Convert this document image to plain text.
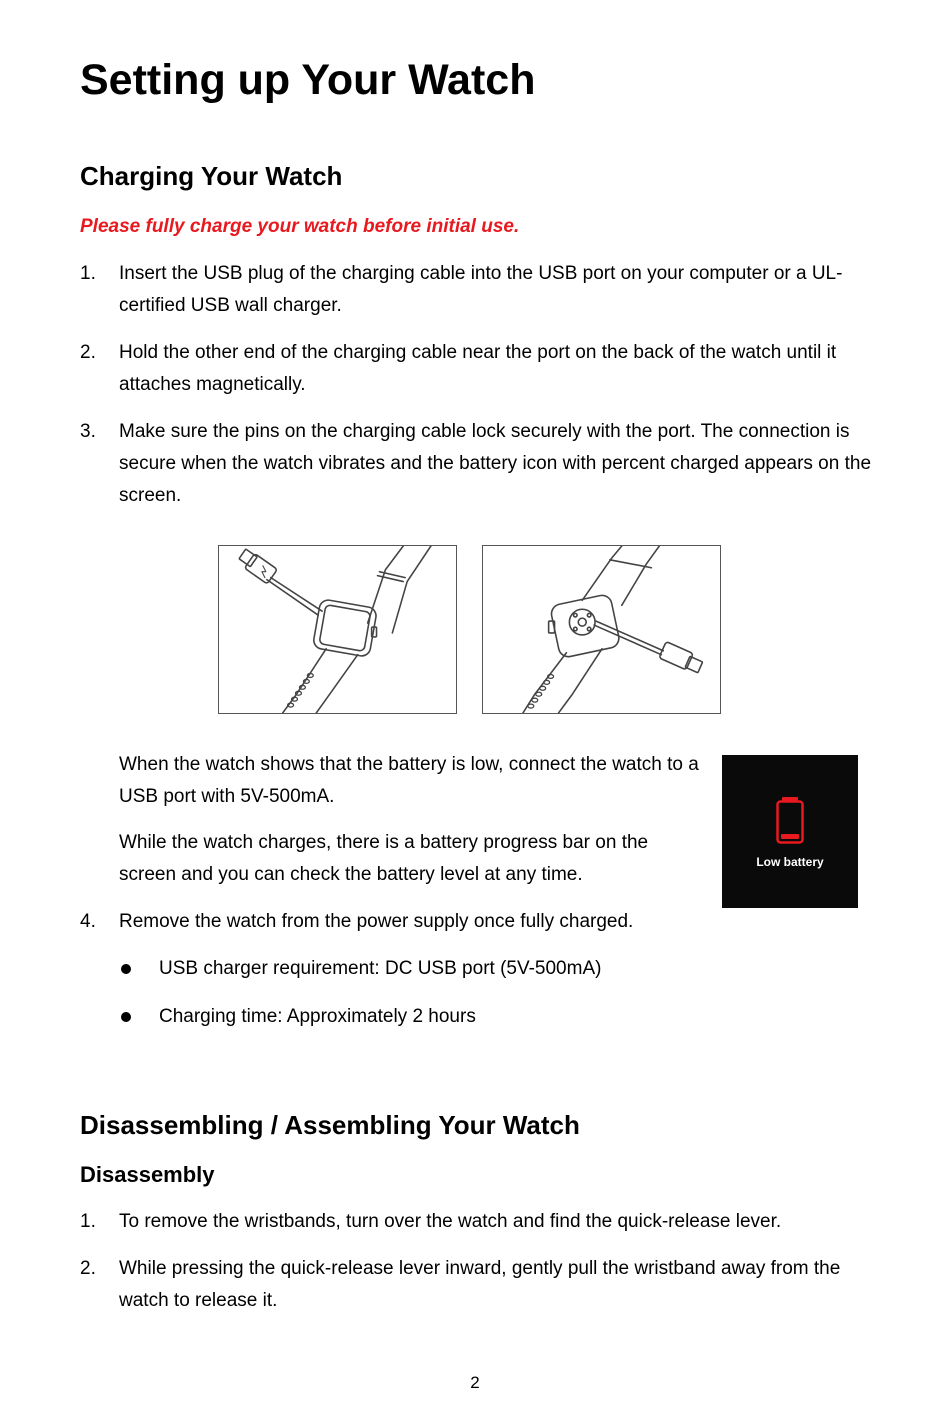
Setting up Your Watch
Charging Your Watch
Please fully charge your watch before initial use.
1. Insert the USB plug of the charging cable into the USB port on your computer or a UL-certified USB wall charger.
2. Hold the other end of the charging cable near the port on the back of the watch until it attaches magnetically.
3. Make sure the pins on the charging cable lock securely with the port. The connection is secure when the watch vibrates and the battery icon with percent charged appears on the screen.
When the watch shows that the battery is low, connect the watch to a USB port with 5V-500mA.
While the watch charges, there is a battery progress bar on the screen and you can check the battery level at any time.
Low battery
4. Remove the watch from the power supply once fully charged.
USB charger requirement: DC USB port (5V-500mA)
Charging time: Approximately 2 hours
Disassembling / Assembling Your Watch
Disassembly
1. To remove the wristbands, turn over the watch and find the quick-release lever.
2. While pressing the quick-release lever inward, gently pull the wristband away from the watch to release it.
2
